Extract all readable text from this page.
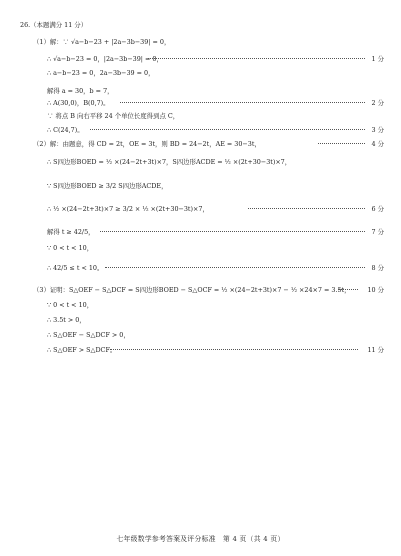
26.（本题满分 11 分）
（1）解：∵ √a−b−23 + |2a−3b−39| = 0，
∴ √a−b−23 = 0，|2a−3b−39| = 0，	1 分
∴ a−b−23 = 0，2a−3b−39 = 0，
解得 a = 30，b = 7，
∴ A(30,0)，B(0,7)。	2 分
∵ 将点 B 向右平移 24 个单位长度得到点 C，
∴ C(24,7)。	3 分
（2）解：由题意，得 CD = 2t，OE = 3t，则 BD = 24−2t，AE = 30−3t，	4 分
∴ S四边形BOED = ½ ×(24−2t+3t)×7，S四边形ACDE = ½ ×(2t+30−3t)×7，
∵ S四边形BOED ≥ 3/2 S四边形ACDE，
∴ ½ ×(24−2t+3t)×7 ≥ 3/2 × ½ ×(2t+30−3t)×7，	6 分
解得 t ≥ 42/5，	7 分
∵ 0 < t < 10，
∴ 42/5 ≤ t < 10。	8 分
（3）证明：S△OEF − S△DCF = S四边形BOED − S△OCF = ½ ×(24−2t+3t)×7 − ½ ×24×7 = 3.5t，	10 分
∵ 0 < t < 10，
∴ 3.5t > 0，
∴ S△OEF − S△DCF > 0，
∴ S△OEF > S△DCF。	11 分
七年级数学参考答案及评分标准　第 4 页（共 4 页）
